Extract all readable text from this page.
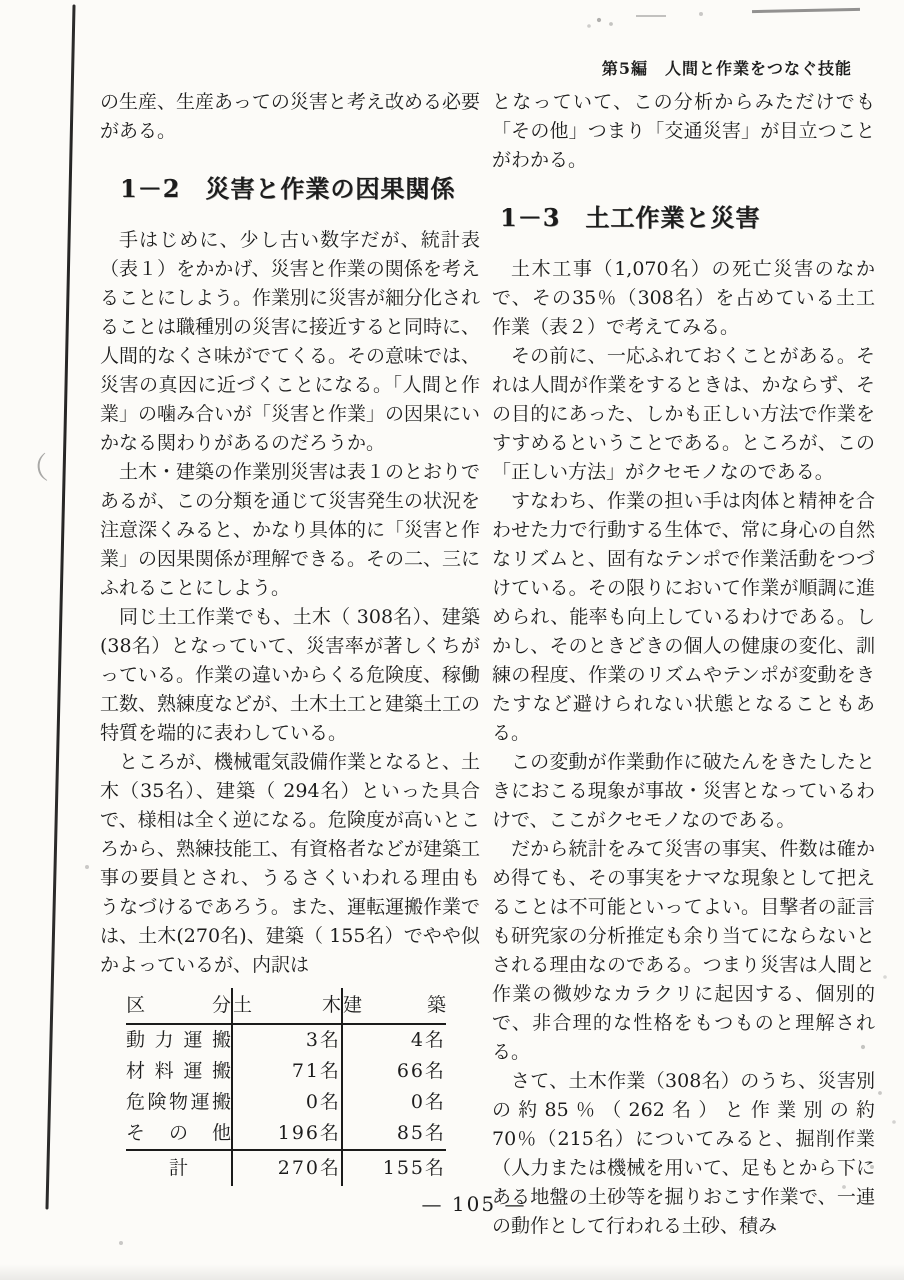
（
第5編　人間と作業をつなぐ技能

の生産、生産あっての災害と考え改める必要がある。

1－2　災害と作業の因果関係

手はじめに、少し古い数字だが、統計表（表１）をかかげ、災害と作業の関係を考えることにしよう。作業別に災害が細分化されることは職種別の災害に接近すると同時に、人間的なくさ味がでてくる。その意味では、災害の真因に近づくことになる。「人間と作業」の噛み合いが「災害と作業」の因果にいかなる関わりがあるのだろうか。

土木・建築の作業別災害は表１のとおりであるが、この分類を通じて災害発生の状況を注意深くみると、かなり具体的に「災害と作業」の因果関係が理解できる。その二、三にふれることにしよう。

同じ土工作業でも、土木（ 308名）、建築(38名）となっていて、災害率が著しくちがっている。作業の違いからくる危険度、稼働工数、熟練度などが、土木土工と建築土工の特質を端的に表わしている。

ところが、機械電気設備作業となると、土木（35名）、建築（ 294名）といった具合で、様相は全く逆になる。危険度が高いところから、熟練技能工、有資格者などが建築工事の要員とされ、うるさくいわれる理由もうなづけるであろう。また、運転運搬作業では、土木(270名)、建築（ 155名）でやや似かよっているが、内訳は

区分	土木	建築
動力運搬	3名	4名
材料運搬	71名	66名
危険物運搬	0名	0名
その他	196名	85名
計	270名	155名

となっていて、この分析からみただけでも「その他」つまり「交通災害」が目立つことがわかる。

1－3　土工作業と災害

土木工事（1,070名）の死亡災害のなかで、その35％（308名）を占めている土工作業（表２）で考えてみる。

その前に、一応ふれておくことがある。それは人間が作業をするときは、かならず、その目的にあった、しかも正しい方法で作業をすすめるということである。ところが、この「正しい方法」がクセモノなのである。

すなわち、作業の担い手は肉体と精神を合わせた力で行動する生体で、常に身心の自然なリズムと、固有なテンポで作業活動をつづけている。その限りにおいて作業が順調に進められ、能率も向上しているわけである。しかし、そのときどきの個人の健康の変化、訓練の程度、作業のリズムやテンポが変動をきたすなど避けられない状態となることもある。

この変動が作業動作に破たんをきたしたときにおこる現象が事故・災害となっているわけで、ここがクセモノなのである。

だから統計をみて災害の事実、件数は確かめ得ても、その事実をナマな現象として把えることは不可能といってよい。目撃者の証言も研究家の分析推定も余り当てにならないとされる理由なのである。つまり災害は人間と作業の微妙なカラクリに起因する、個別的で、非合理的な性格をもつものと理解される。

さて、土木作業（308名）のうち、災害別の約85％（262名）と作業別の約70％（215名）についてみると、掘削作業（人力または機械を用いて、足もとから下にある地盤の土砂等を掘りおこす作業で、一連の動作として行われる土砂、積み

— 105 —
